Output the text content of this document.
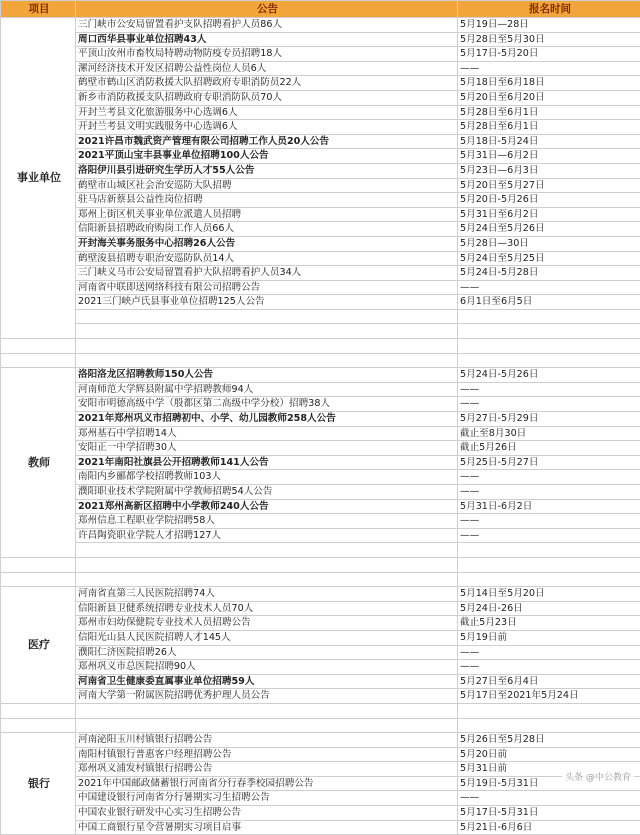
项目	公告	报名时间
事业单位	三门峡市公安局留置看护支队招聘看护人员86人	5月19日—28日
	周口西华县事业单位招聘43人	5月28日至5月30日
	平顶山汝州市畜牧局特聘动物防疫专员招聘18人	5月17日-5月20日
	漯河经济技术开发区招聘公益性岗位人员6人	——
	鹤壁市鹤山区消防救援大队招聘政府专职消防员22人	5月18日至6月18日
	新乡市消防救援支队招聘政府专职消防队员70人	5月20日至6月20日
	开封兰考县文化旅游服务中心选调6人	5月28日至6月1日
	开封兰考县文明实践服务中心选调6人	5月28日至6月1日
	2021许昌市魏武资产管理有限公司招聘工作人员20人公告	5月18日-5月24日
	2021平顶山宝丰县事业单位招聘100人公告	5月31日—6月2日
	洛阳伊川县引进研究生学历人才55人公告	5月23日—6月3日
	鹤壁市山城区社会治安巡防大队招聘	5月20日至5月27日
	驻马店新蔡县公益性岗位招聘	5月20日-5月26日
	郑州上街区机关事业单位派遣人员招聘	5月31日至6月2日
	信阳新县招聘政府购岗工作人员66人	5月24日至5月26日
	开封海关事务服务中心招聘26人公告	5月28日—30日
	鹤壁浚县招聘专职治安巡防队员14人	5月24日至5月25日
	三门峡义马市公安局留置看护大队招聘看护人员34人	5月24日-5月28日
	河南省中联即送网络科技有限公司招聘公告	——
	2021三门峡卢氏县事业单位招聘125人公告	6月1日至6月5日

教师	洛阳洛龙区招聘教师150人公告	5月24日-5月26日
	河南师范大学辉县附属中学招聘教师94人	——
	安阳市明德高级中学（殷都区第二高级中学分校）招聘38人	——
	2021年郑州巩义市招聘初中、小学、幼儿园教师258人公告	5月27日-5月29日
	郑州基石中学招聘14人	截止至8月30日
	安阳正一中学招聘30人	截止5月26日
	2021年南阳社旗县公开招聘教师141人公告	5月25日-5月27日
	南阳内乡郦都学校招聘教师103人	——
	濮阳职业技术学院附属中学教师招聘54人公告	——
	2021郑州高新区招聘中小学教师240人公告	5月31日-6月2日
	郑州信息工程职业学院招聘58人	——
	许昌陶瓷职业学院人才招聘127人	——

医疗	河南省直第三人民医院招聘74人	5月14日至5月20日
	信阳新县卫健系统招聘专业技术人员70人	5月24日-26日
	郑州市妇幼保健院专业技术人员招聘公告	截止5月23日
	信阳光山县人民医院招聘人才145人	5月19日前
	濮阳仁济医院招聘26人	——
	郑州巩义市总医院招聘90人	——
	河南省卫生健康委直属事业单位招聘59人	5月27日至6月4日
	河南大学第一附属医院招聘优秀护理人员公告	5月17日至2021年5月24日

银行	河南泌阳玉川村镇银行招聘公告	5月26日至5月28日
	南阳村镇银行普惠客户经理招聘公告	5月20日前
	郑州巩义浦发村镇银行招聘公告	5月31日前
	2021年中国邮政储蓄银行河南省分行春季校园招聘公告	5月19日-5月31日
	中国建设银行河南省分行暑期实习生招聘公告	——
	中国农业银行研发中心实习生招聘公告	5月17日-5月31日
	中国工商银行星令营暑期实习项目启事	5月21日-6月6日
头条 @中公教育
